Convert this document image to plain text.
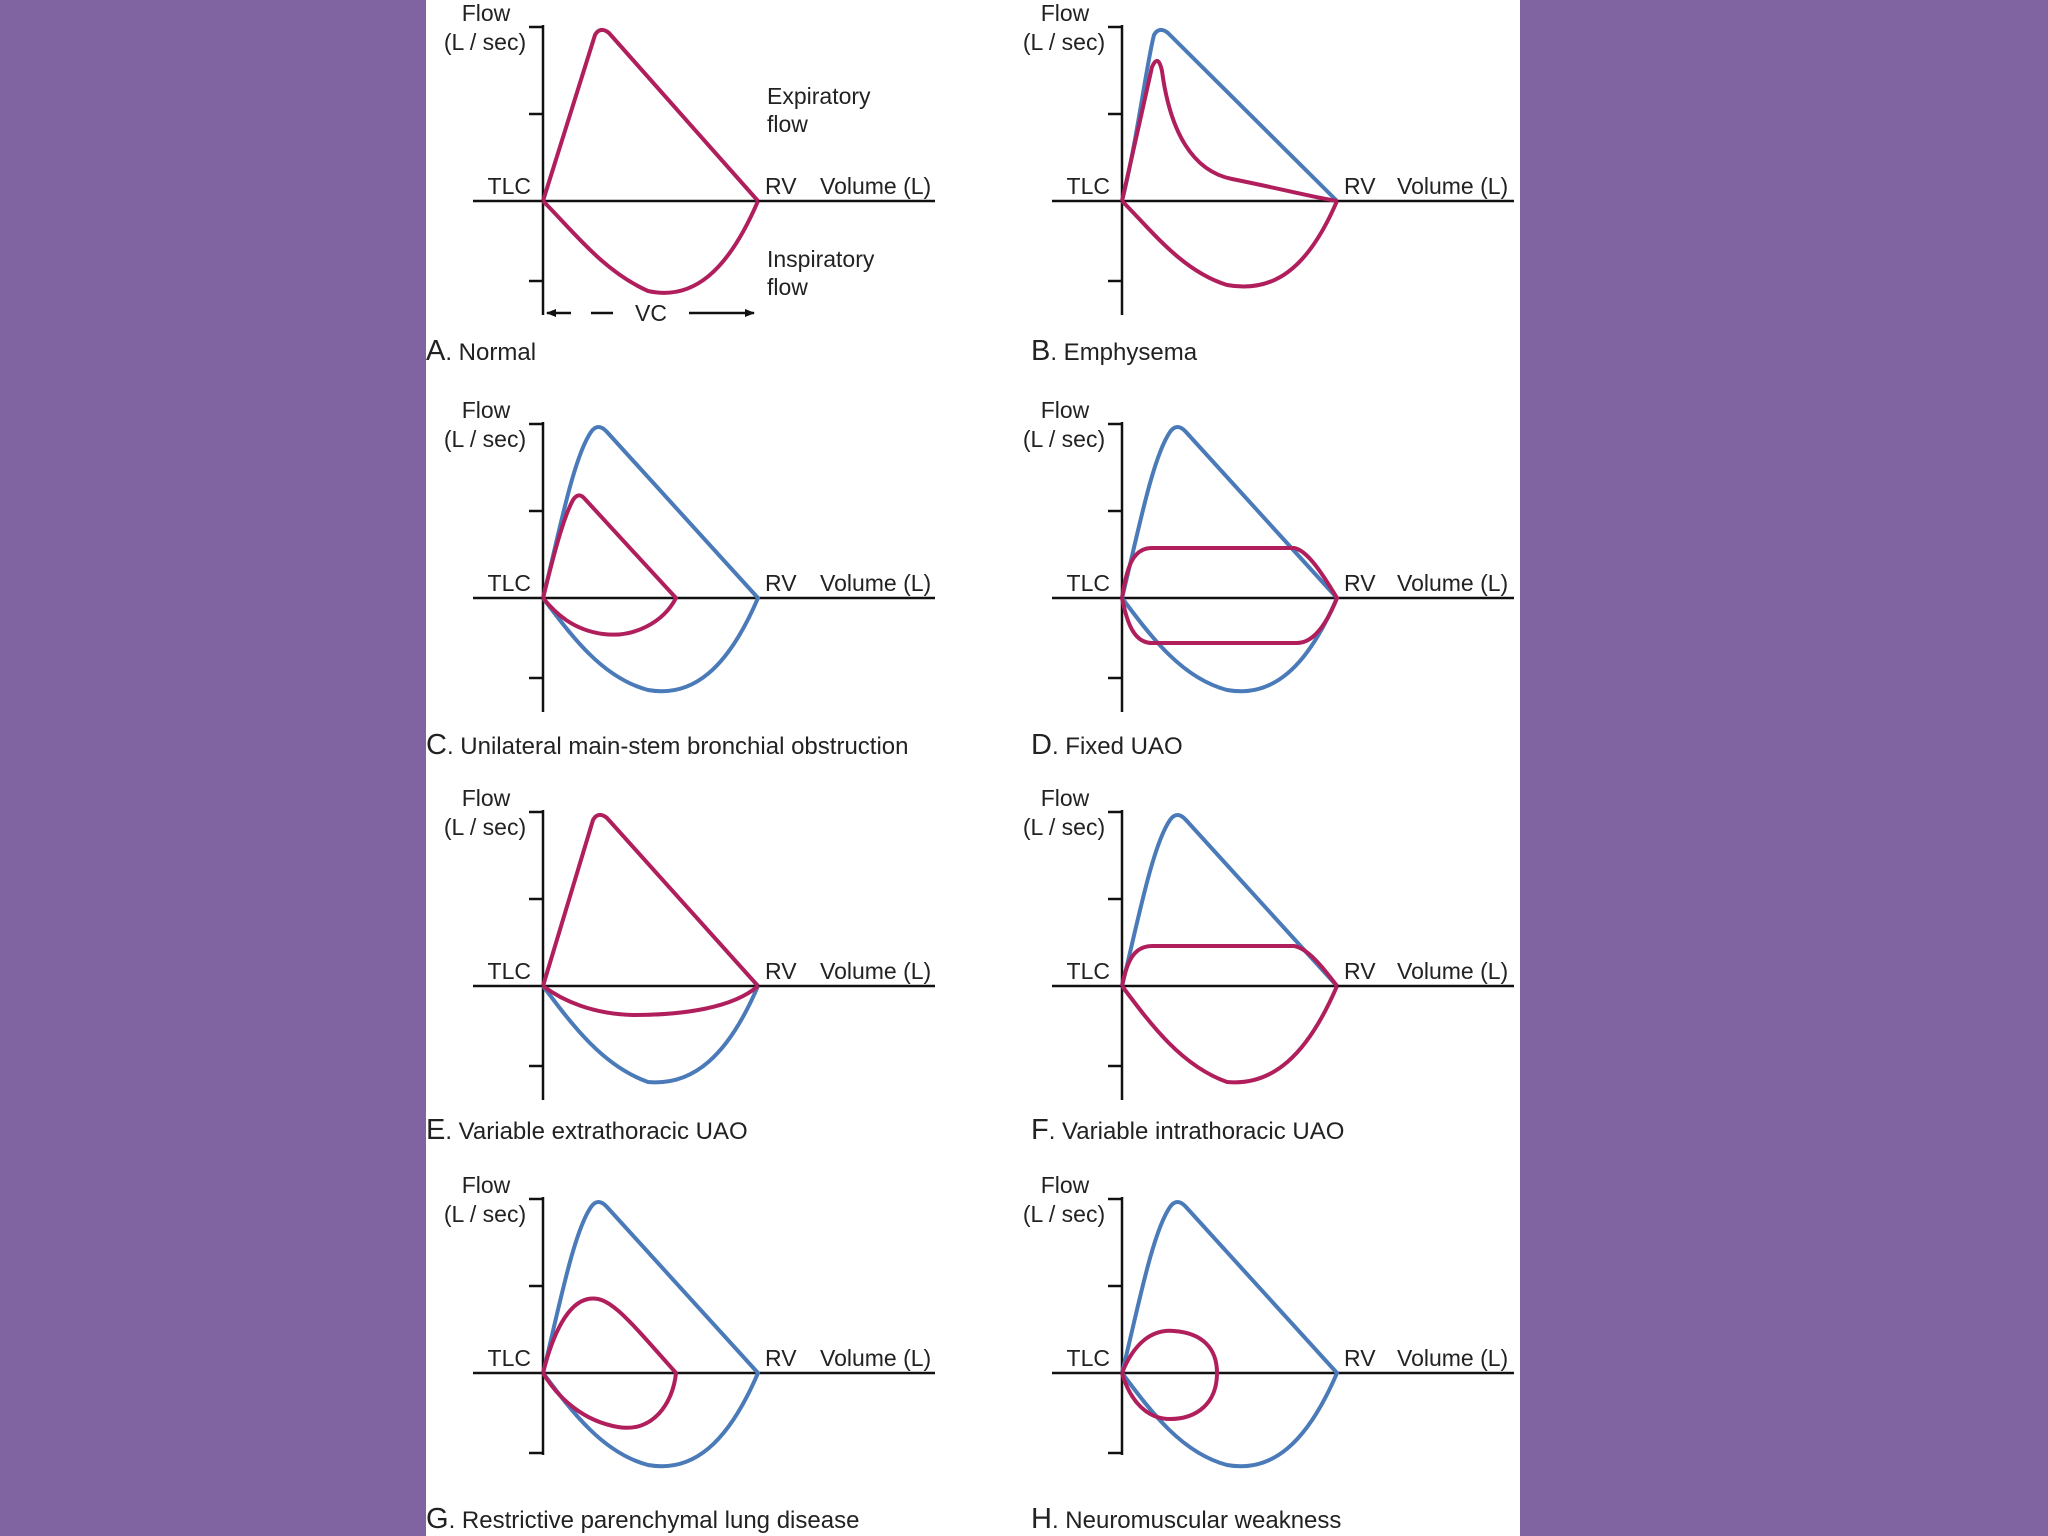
Flow
(L / sec)
TLC	RV Volume (L)
Expiratory
flow
Inspiratory
flow
VC
A. Normal
Flow
(L / sec)
TLC	RV Volume (L)
B. Emphysema
Flow
(L / sec)
TLC	RV Volume (L)
C. Unilateral main-stem bronchial obstruction
Flow
(L / sec)
TLC	RV Volume (L)
D. Fixed UAO
Flow
(L / sec)
TLC	RV Volume (L)
E. Variable extrathoracic UAO
Flow
(L / sec)
TLC	RV Volume (L)
F. Variable intrathoracic UAO
Flow
(L / sec)
TLC	RV Volume (L)
G. Restrictive parenchymal lung disease
Flow
(L / sec)
TLC	RV Volume (L)
H. Neuromuscular weakness
